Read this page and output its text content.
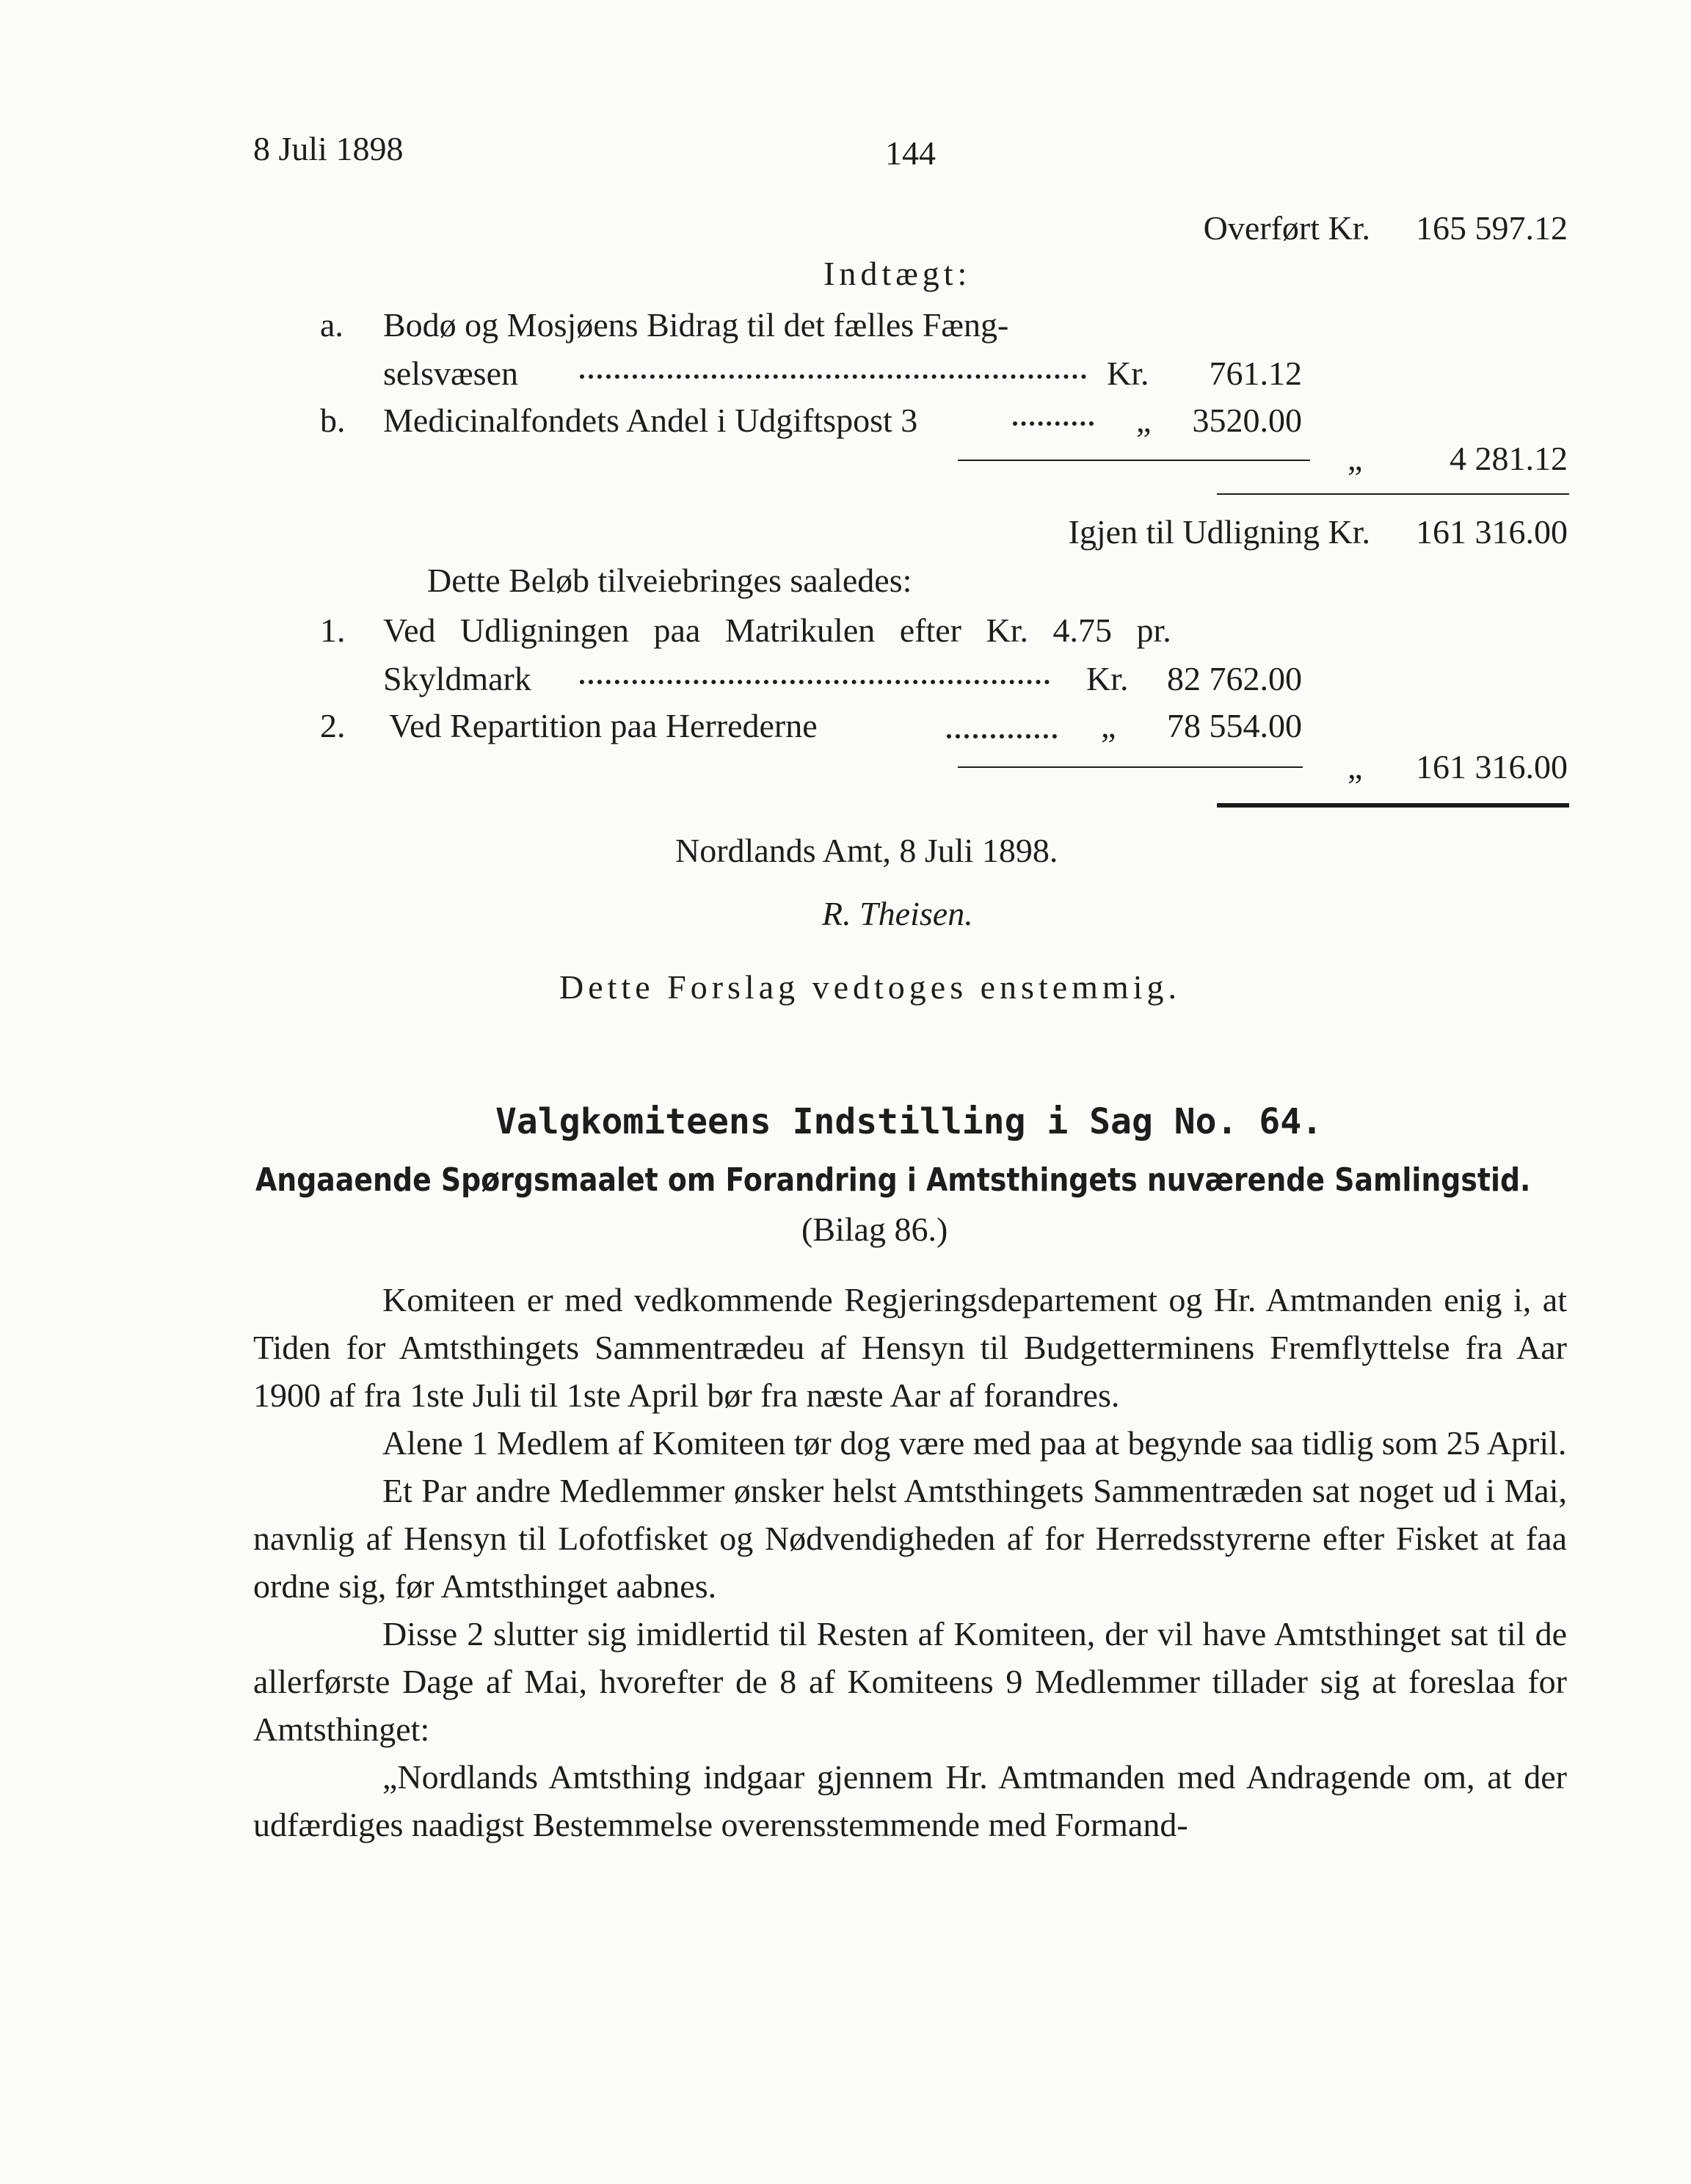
8 Juli 1898	144
Overført Kr. 165 597.12
Indtægt:
a. Bodø og Mosjøens Bidrag til det fælles Fæng-
selsvæsen	Kr. 761.12
b. Medicinalfondets Andel i Udgiftspost 3	„ 3520.00
„	4 281.12
Igjen til Udligning Kr. 161 316.00
Dette Beløb tilveiebringes saaledes:
1. Ved Udligningen paa Matrikulen efter Kr. 4.75 pr.
Skyldmark	Kr. 82 762.00
2. Ved Repartition paa Herrederne	„ 78 554.00
„ 161 316.00
Nordlands Amt, 8 Juli 1898.
R. Theisen.
Dette Forslag vedtoges enstemmig.
Valgkomiteens Indstilling i Sag No. 64.
Angaaende Spørgsmaalet om Forandring i Amtsthingets nuværende Samlingstid.
(Bilag 86.)

Komiteen er med vedkommende Regjeringsdepartement og Hr. Amtmanden enig i, at Tiden for Amtsthingets Sammentrædeu af Hensyn til Budgetterminens Fremflyttelse fra Aar 1900 af fra 1ste Juli til 1ste April bør fra næste Aar af forandres.

Alene 1 Medlem af Komiteen tør dog være med paa at begynde saa tidlig som 25 April.

Et Par andre Medlemmer ønsker helst Amtsthingets Sammentræden sat noget ud i Mai, navnlig af Hensyn til Lofotfisket og Nødvendigheden af for Herredsstyrerne efter Fisket at faa ordne sig, før Amtsthinget aabnes.

Disse 2 slutter sig imidlertid til Resten af Komiteen, der vil have Amtsthinget sat til de allerførste Dage af Mai, hvorefter de 8 af Komiteens 9 Medlemmer tillader sig at foreslaa for Amtsthinget:

„Nordlands Amtsthing indgaar gjennem Hr. Amtmanden med Andragende om, at der udfærdiges naadigst Bestemmelse overensstemmende med Formand-
